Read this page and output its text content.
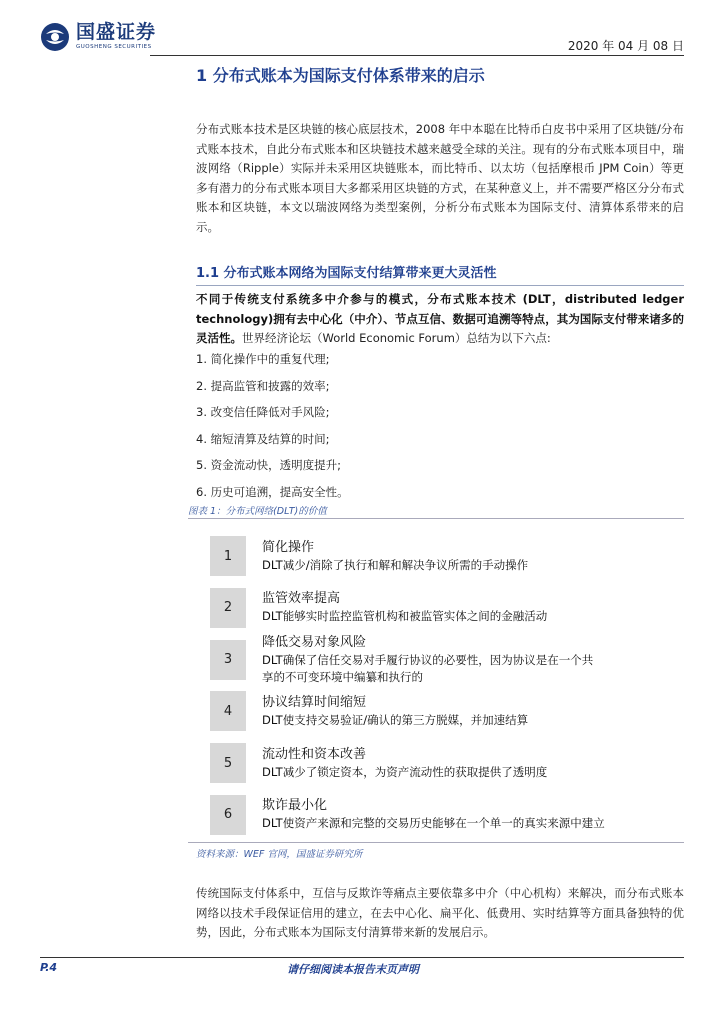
国盛证券
GUOSHENG SECURITIES	2020 年 04 月 08 日
1 分布式账本为国际支付体系带来的启示

分布式账本技术是区块链的核心底层技术，2008 年中本聪在比特币白皮书中采用了区块链/分布式账本技术，自此分布式账本和区块链技术越来越受全球的关注。现有的分布式账本项目中，瑞波网络（Ripple）实际并未采用区块链账本，而比特币、以太坊（包括摩根币 JPM Coin）等更多有潜力的分布式账本项目大多都采用区块链的方式，在某种意义上，并不需要严格区分分布式账本和区块链，本文以瑞波网络为类型案例，分析分布式账本为国际支付、清算体系带来的启示。

1.1 分布式账本网络为国际支付结算带来更大灵活性

不同于传统支付系统多中介参与的模式，分布式账本技术 (DLT，distributed ledger technology)拥有去中心化（中介）、节点互信、数据可追溯等特点，其为国际支付带来诸多的灵活性。世界经济论坛（World Economic Forum）总结为以下六点:

1. 简化操作中的重复代理;
2. 提高监管和披露的效率;
3. 改变信任降低对手风险;
4. 缩短清算及结算的时间;
5. 资金流动快，透明度提升;
6. 历史可追溯，提高安全性。
图表 1：分布式网络(DLT)的价值
1
简化操作
DLT减少/消除了执行和解和解决争议所需的手动操作
2
监管效率提高
DLT能够实时监控监管机构和被监管实体之间的金融活动
3
降低交易对象风险
DLT确保了信任交易对手履行协议的必要性，因为协议是在一个共
享的不可变环境中编纂和执行的
4
协议结算时间缩短
DLT使支持交易验证/确认的第三方脱媒，并加速结算
5
流动性和资本改善
DLT减少了锁定资本，为资产流动性的获取提供了透明度
6
欺诈最小化
DLT使资产来源和完整的交易历史能够在一个单一的真实来源中建立
资料来源：WEF 官网，国盛证券研究所

传统国际支付体系中，互信与反欺诈等痛点主要依靠多中介（中心机构）来解决，而分布式账本网络以技术手段保证信用的建立，在去中心化、扁平化、低费用、实时结算等方面具备独特的优势，因此，分布式账本为国际支付清算带来新的发展启示。

P.4	请仔细阅读本报告末页声明
